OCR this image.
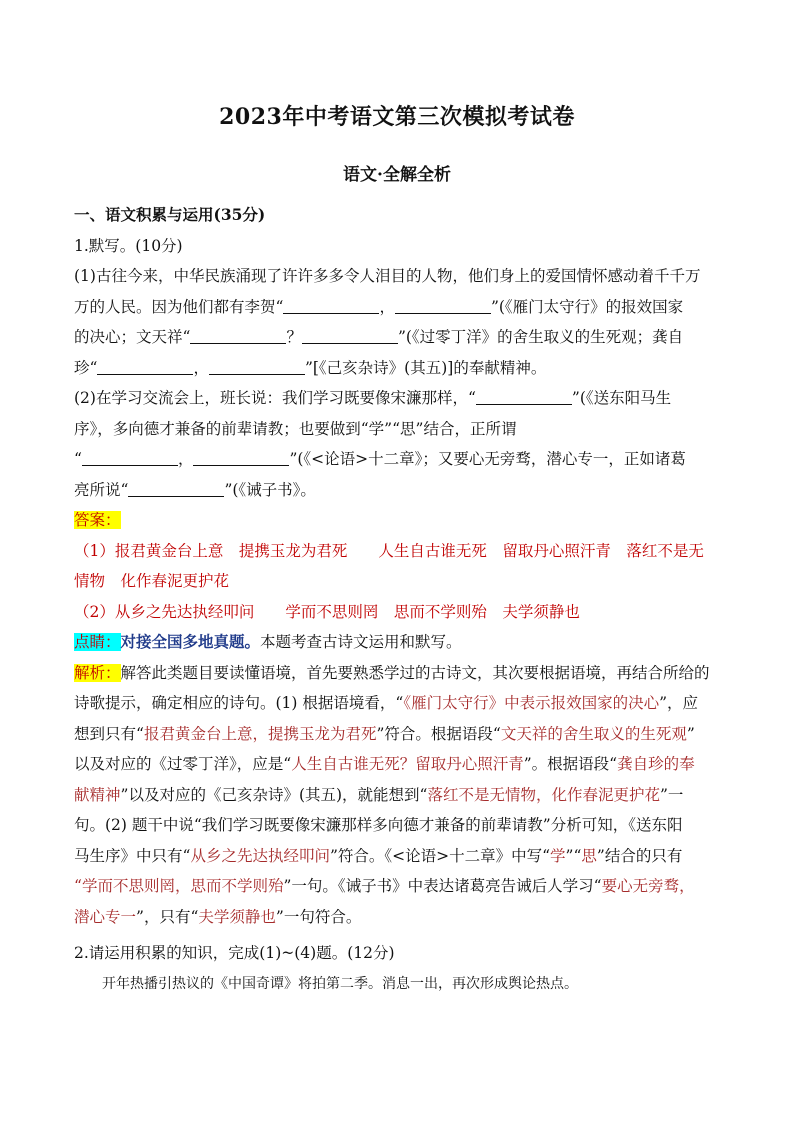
2023年中考语文第三次模拟考试卷
语文·全解全析
一、语文积累与运用(35分)
1.默写。(10分)
(1)古往今来，中华民族涌现了许许多多令人泪目的人物，他们身上的爱国情怀感动着千千万
万的人民。因为他们都有李贺“	，	”(《雁门太守行》的报效国家
的决心；文天祥“	？	”(《过零丁洋》的舍生取义的生死观；龚自
珍“	，	”[《己亥杂诗》(其五)]的奉献精神。
(2)在学习交流会上，班长说：我们学习既要像宋濂那样，“	”(《送东阳马生
序》，多向德才兼备的前辈请教；也要做到“学”“思”结合，正所谓
“	，	”(《<论语>十二章》；又要心无旁骛，潜心专一，正如诸葛
亮所说“	”(《诫子书》。
答案：
（1）报君黄金台上意　提携玉龙为君死　　人生自古谁无死　留取丹心照汗青　落红不是无
情物　化作春泥更护花
（2）从乡之先达执经叩问　　学而不思则罔　思而不学则殆　夫学须静也
点睛：对接全国多地真题。本题考查古诗文运用和默写。
解析：解答此类题目要读懂语境，首先要熟悉学过的古诗文，其次要根据语境，再结合所给的
诗歌提示，确定相应的诗句。(1) 根据语境看，“《雁门太守行》中表示报效国家的决心”，应
想到只有“报君黄金台上意，提携玉龙为君死”符合。根据语段“文天祥的舍生取义的生死观”
以及对应的《过零丁洋》，应是“人生自古谁无死？留取丹心照汗青”。根据语段“龚自珍的奉
献精神”以及对应的《己亥杂诗》(其五)，就能想到“落红不是无情物，化作春泥更护花”一
句。(2) 题干中说“我们学习既要像宋濂那样多向德才兼备的前辈请教”分析可知，《送东阳
马生序》中只有“从乡之先达执经叩问”符合。《<论语>十二章》中写“学”“思”结合的只有
“学而不思则罔，思而不学则殆”一句。《诫子书》中表达诸葛亮告诫后人学习“要心无旁骛，
潜心专一”，只有“夫学须静也”一句符合。
2.请运用积累的知识，完成(1)~(4)题。(12分)
开年热播引热议的《中国奇谭》将拍第二季。消息一出，再次形成舆论热点。
